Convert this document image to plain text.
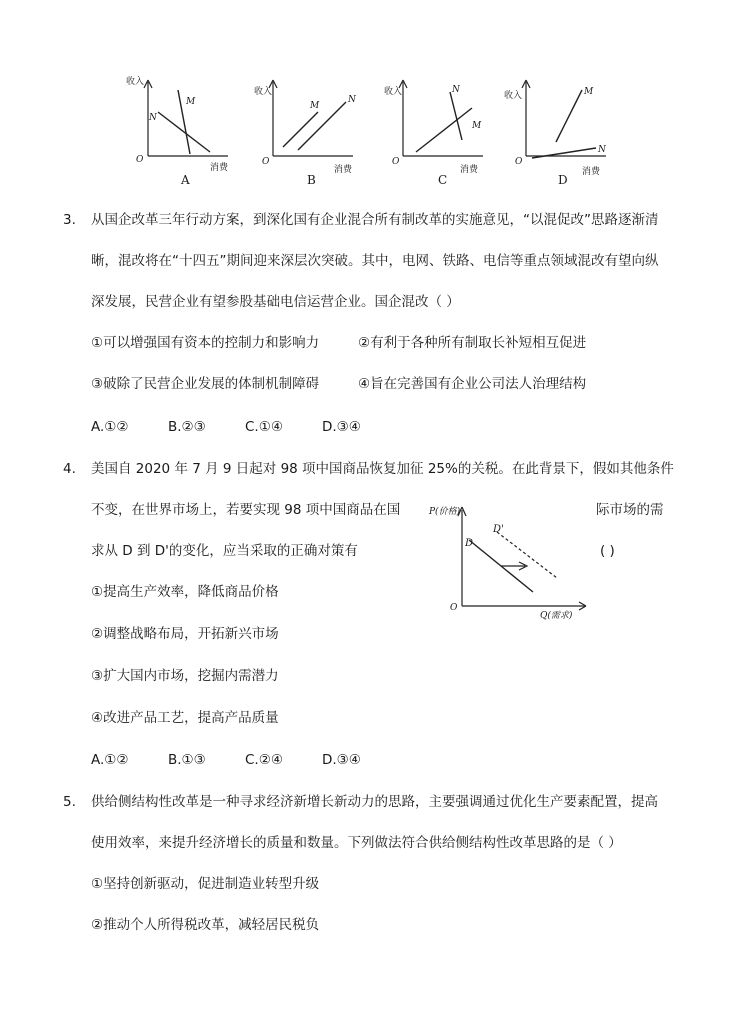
收入
消费
O
M
N
A
收入
消费
O
M
N
B
收入
消费
O
N
M
C
收入
消费
O
M
N
D
3. 从国企改革三年行动方案，到深化国有企业混合所有制改革的实施意见，“以混促改”思路逐渐清
晰，混改将在“十四五”期间迎来深层次突破。其中，电网、铁路、电信等重点领域混改有望向纵
深发展，民营企业有望参股基础电信运营企业。国企混改（ ）
①可以增强国有资本的控制力和影响力	②有利于各种所有制取长补短相互促进
③破除了民营企业发展的体制机制障碍	④旨在完善国有企业公司法人治理结构
A.①②	B.②③	C.①④	D.③④
4. 美国自 2020 年 7 月 9 日起对 98 项中国商品恢复加征 25%的关税。在此背景下，假如其他条件
不变，在世界市场上，若要实现 98 项中国商品在国	际市场的需
求从 D 到 D'的变化，应当采取的正确对策有	( )
P(价格)
Q(需求)
O
D
D'
①提高生产效率，降低商品价格
②调整战略布局，开拓新兴市场
③扩大国内市场，挖掘内需潜力
④改进产品工艺，提高产品质量
A.①②	B.①③	C.②④	D.③④
5. 供给侧结构性改革是一种寻求经济新增长新动力的思路，主要强调通过优化生产要素配置，提高
使用效率，来提升经济增长的质量和数量。下列做法符合供给侧结构性改革思路的是（ ）
①坚持创新驱动，促进制造业转型升级
②推动个人所得税改革，减轻居民税负
